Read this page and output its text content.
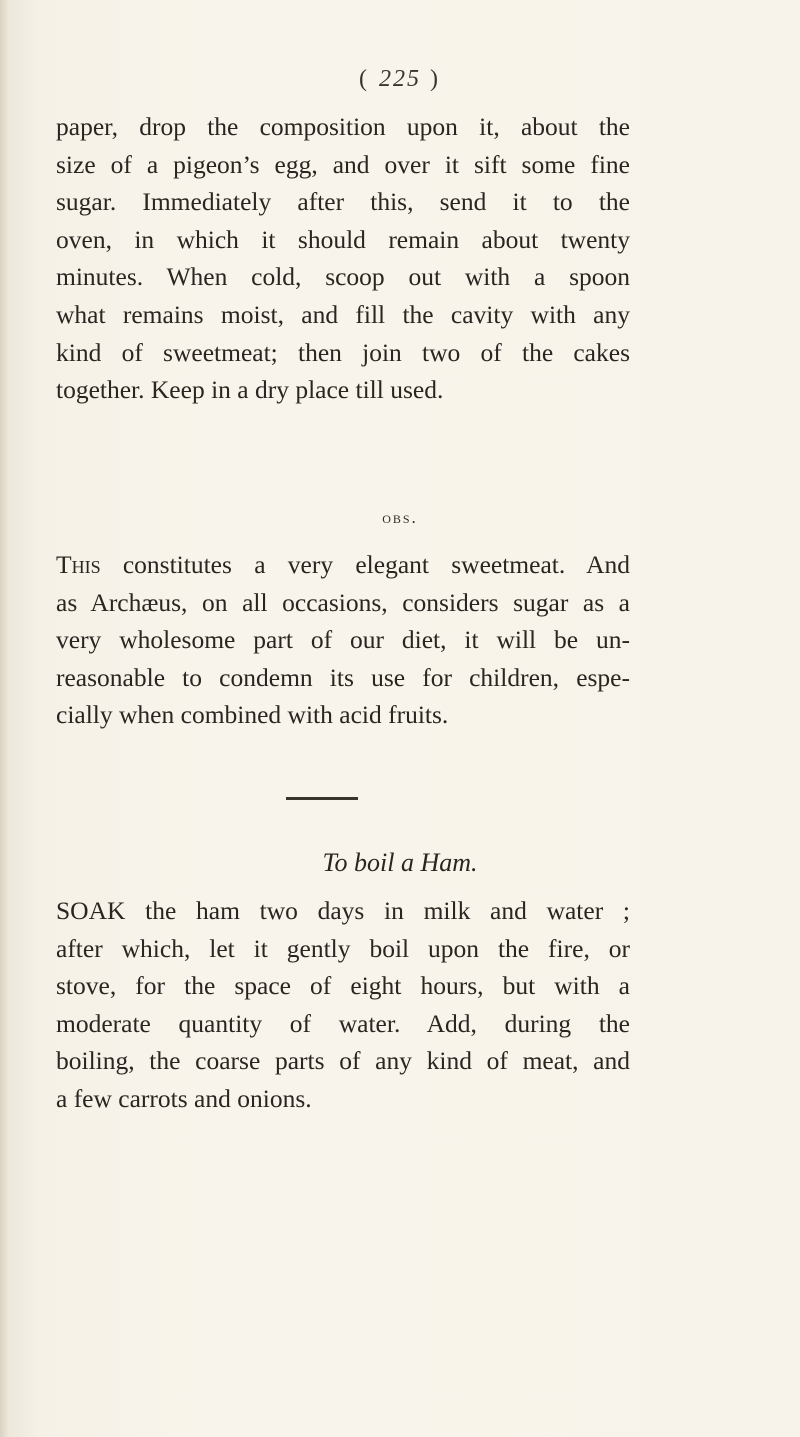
( 225 )

paper, drop the composition upon it, about the
size of a pigeon’s egg, and over it sift some fine
sugar. Immediately after this, send it to the
oven, in which it should remain about twenty
minutes. When cold, scoop out with a spoon
what remains moist, and fill the cavity with any
kind of sweetmeat; then join two of the cakes
together. Keep in a dry place till used.

obs.

This constitutes a very elegant sweetmeat. And
as Archæus, on all occasions, considers sugar as a
very wholesome part of our diet, it will be un-
reasonable to condemn its use for children, espe-
cially when combined with acid fruits.

To boil a Ham.

SOAK the ham two days in milk and water ;
after which, let it gently boil upon the fire, or
stove, for the space of eight hours, but with a
moderate quantity of water. Add, during the
boiling, the coarse parts of any kind of meat, and
a few carrots and onions.
